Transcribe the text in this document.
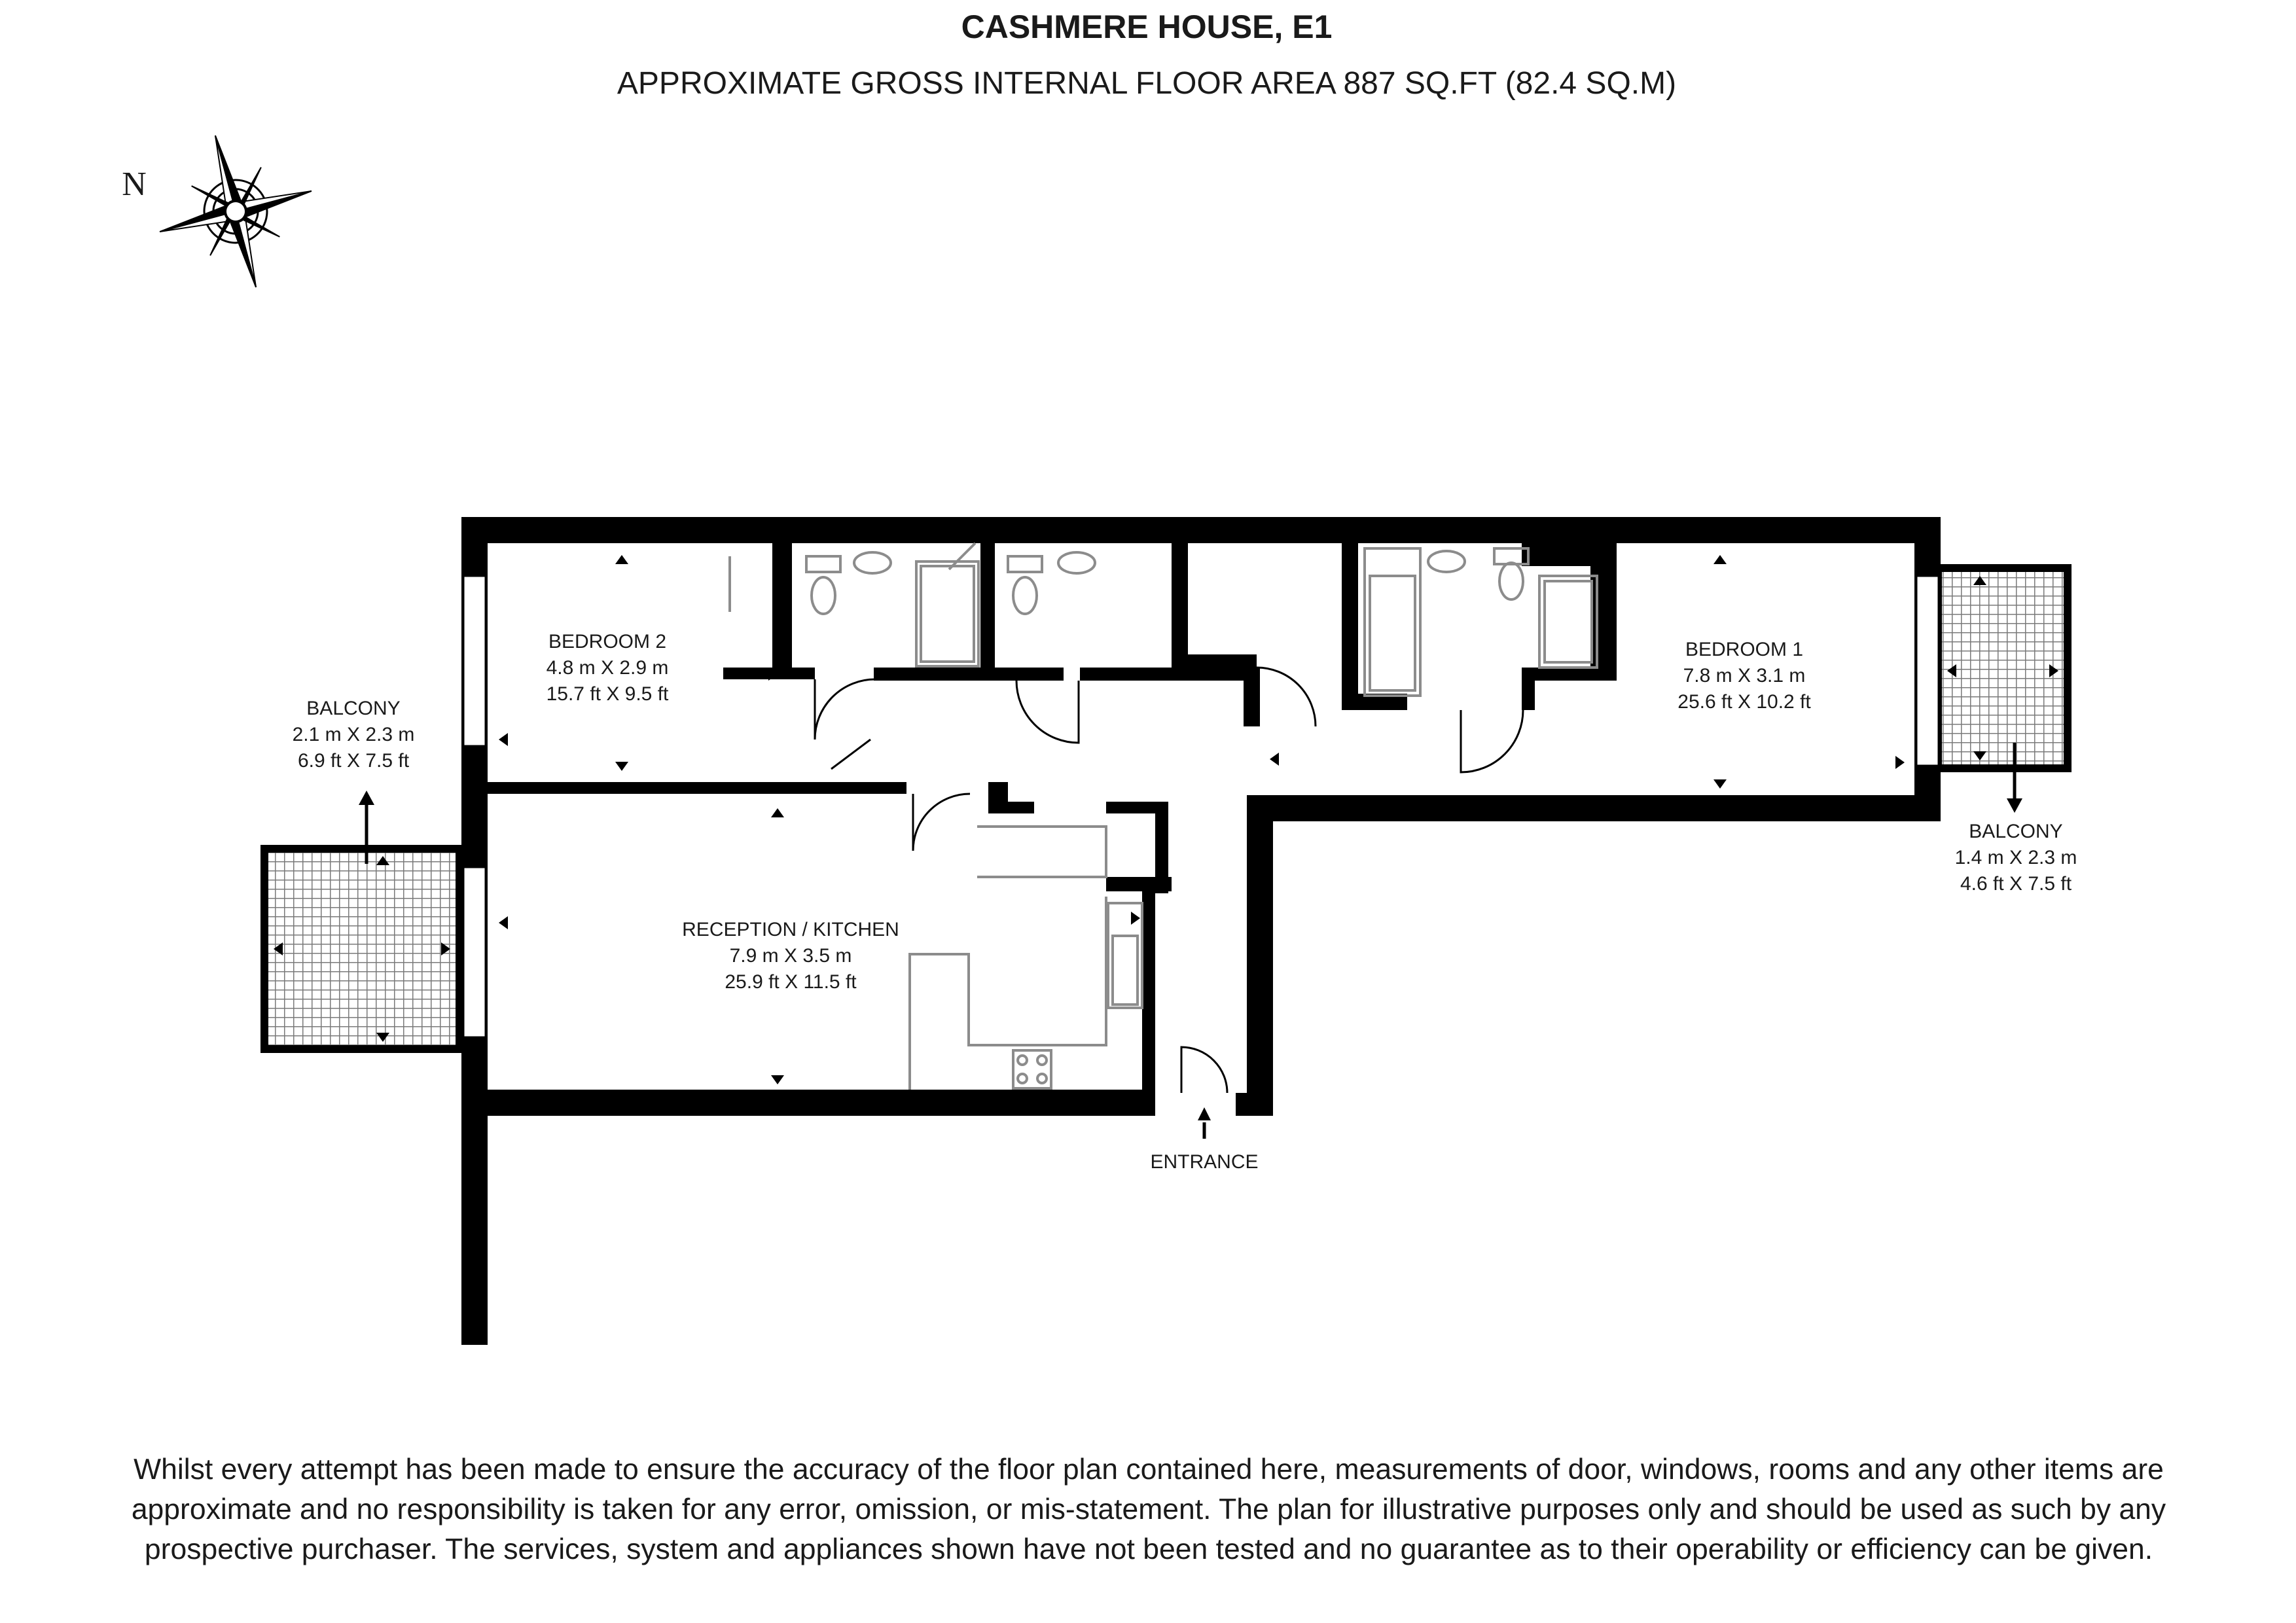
CASHMERE HOUSE, E1
APPROXIMATE GROSS INTERNAL FLOOR AREA 887 SQ.FT (82.4 SQ.M)
N
BEDROOM 2
4.8 m X 2.9 m
15.7 ft X 9.5 ft
BEDROOM 1
7.8 m X 3.1 m
25.6 ft X 10.2 ft
RECEPTION / KITCHEN
7.9 m X 3.5 m
25.9 ft X 11.5 ft
BALCONY
2.1 m X 2.3 m
6.9 ft X 7.5 ft
BALCONY
1.4 m X 2.3 m
4.6 ft X 7.5 ft
ENTRANCE
Whilst every attempt has been made to ensure the accuracy of the floor plan contained here, measurements of door, windows, rooms and any other items are approximate and no responsibility is taken for any error, omission, or mis-statement. The plan for illustrative purposes only and should be used as such by any prospective purchaser. The services, system and appliances shown have not been tested and no guarantee as to their operability or efficiency can be given.
